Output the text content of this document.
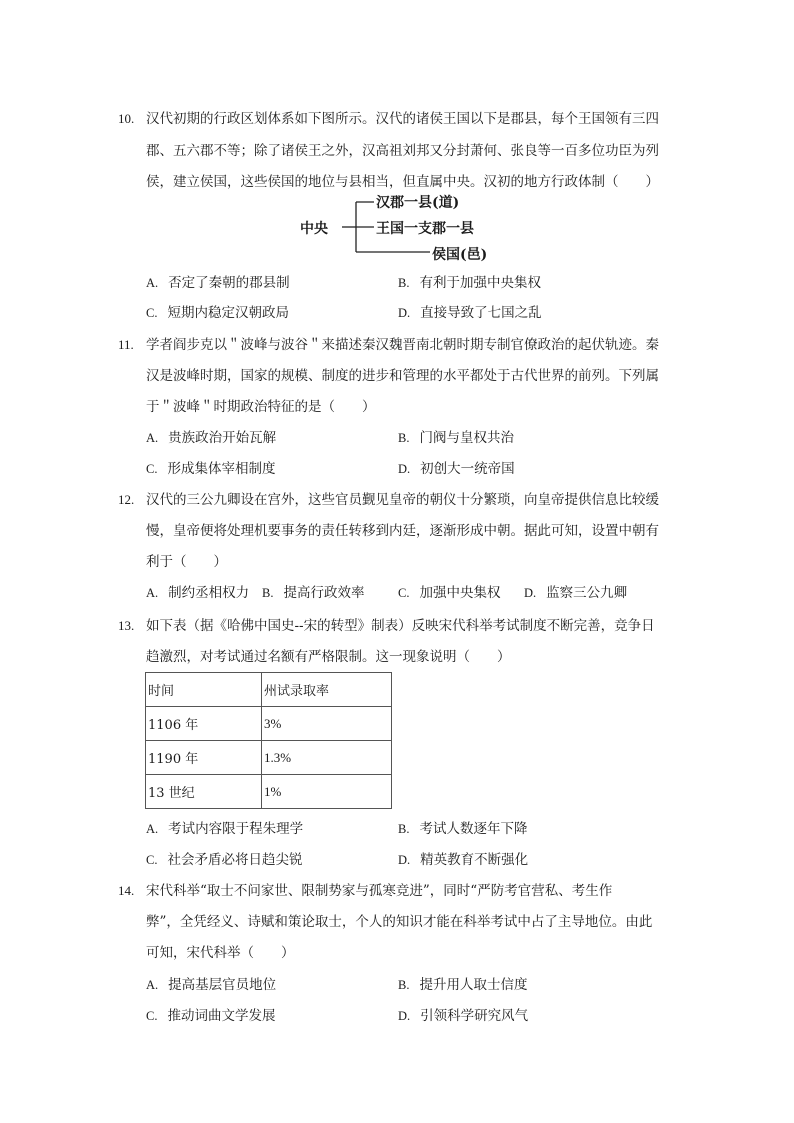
10. 汉代初期的行政区划体系如下图所示。汉代的诸侯王国以下是郡县，每个王国领有三四
郡、五六郡不等；除了诸侯王之外，汉高祖刘邦又分封萧何、张良等一百多位功臣为列
侯，建立侯国，这些侯国的地位与县相当，但直属中央。汉初的地方行政体制（　　）
中央
汉郡一县(道)
王国一支郡一县
侯国(邑)
A. 否定了秦朝的郡县制	B. 有利于加强中央集权
C. 短期内稳定汉朝政局	D. 直接导致了七国之乱
11. 学者阎步克以＂波峰与波谷＂来描述秦汉魏晋南北朝时期专制官僚政治的起伏轨迹。秦
汉是波峰时期，国家的规模、制度的进步和管理的水平都处于古代世界的前列。下列属
于＂波峰＂时期政治特征的是（　　）
A. 贵族政治开始瓦解	B. 门阀与皇权共治
C. 形成集体宰相制度	D. 初创大一统帝国
12. 汉代的三公九卿设在宫外，这些官员觐见皇帝的朝仪十分繁琐，向皇帝提供信息比较缓
慢，皇帝便将处理机要事务的责任转移到内廷，逐渐形成中朝。据此可知，设置中朝有
利于（　　）
A. 制约丞相权力 B. 提高行政效率	C. 加强中央集权 D. 监察三公九卿
13. 如下表（据《哈佛中国史--宋的转型》制表）反映宋代科举考试制度不断完善，竞争日
趋激烈，对考试通过名额有严格限制。这一现象说明（　　）
时间	州试录取率
1106 年	3%
1190 年	1.3%
13 世纪	1%
A. 考试内容限于程朱理学	B. 考试人数逐年下降
C. 社会矛盾必将日趋尖锐	D. 精英教育不断强化
14. 宋代科举“取士不问家世、限制势家与孤寒竞进”，同时“严防考官营私、考生作
弊”，全凭经义、诗赋和策论取士，个人的知识才能在科举考试中占了主导地位。由此
可知，宋代科举（　　）
A. 提高基层官员地位	B. 提升用人取士信度
C. 推动词曲文学发展	D. 引领科学研究风气
